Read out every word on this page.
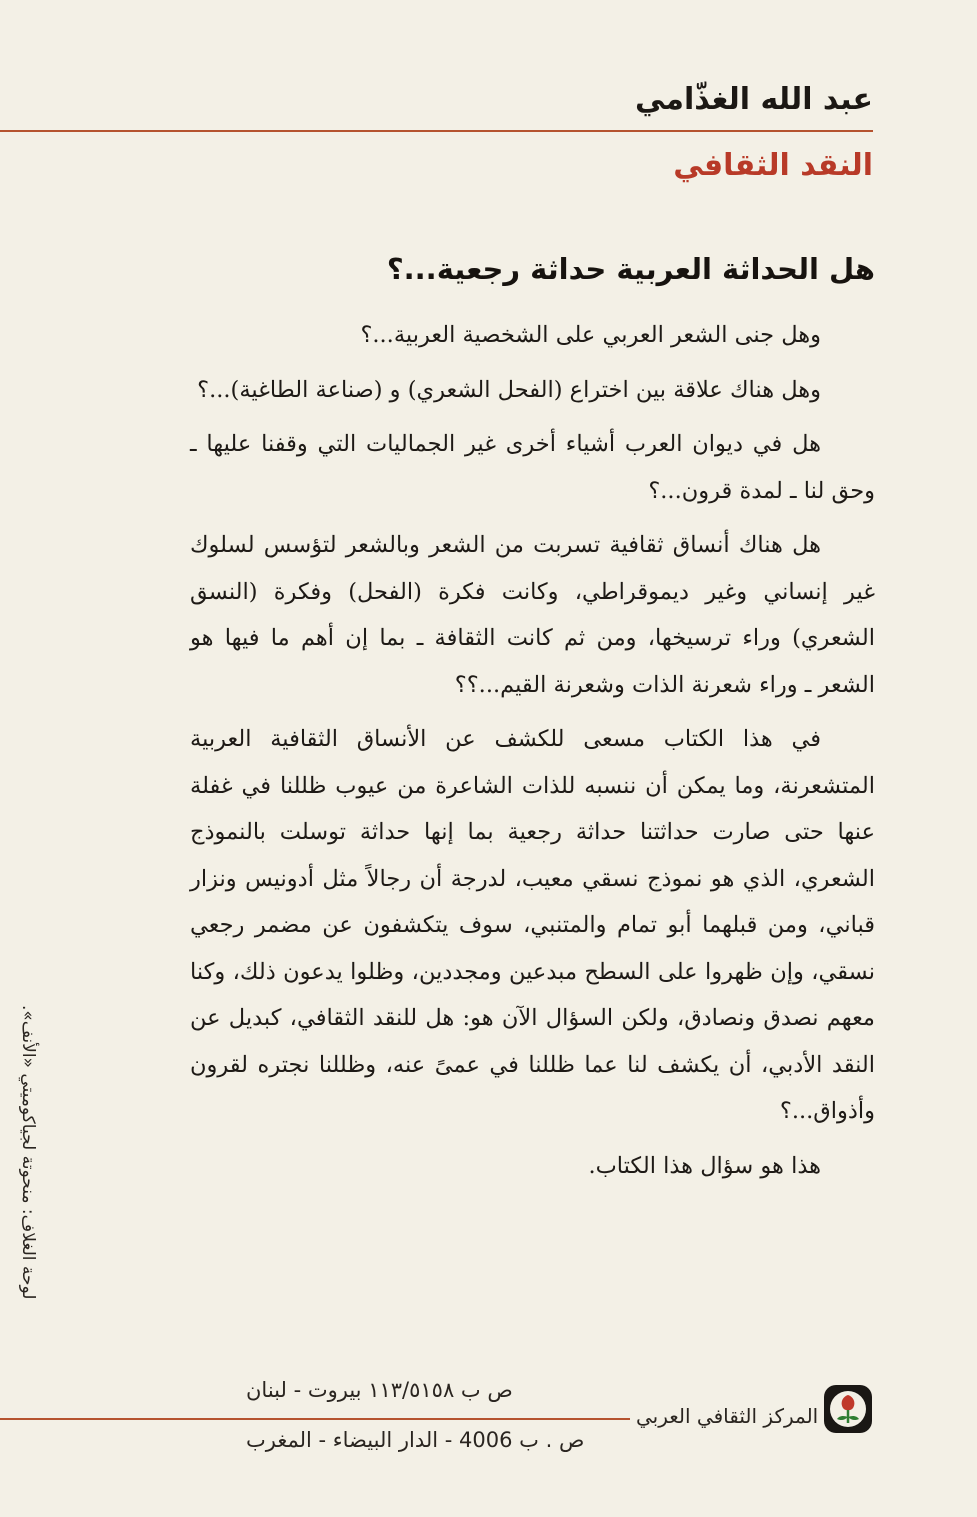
عبد الله الغذّامي
النقد الثقافي
هل الحداثة العربية حداثة رجعية...؟

وهل جنى الشعر العربي على الشخصية العربية...؟

وهل هناك علاقة بين اختراع (الفحل الشعري) و (صناعة الطاغية)...؟

هل في ديوان العرب أشياء أخرى غير الجماليات التي وقفنا عليها ـ وحق لنا ـ لمدة قرون...؟

هل هناك أنساق ثقافية تسربت من الشعر وبالشعر لتؤسس لسلوك غير إنساني وغير ديموقراطي، وكانت فكرة (الفحل) وفكرة (النسق الشعري) وراء ترسيخها، ومن ثم كانت الثقافة ـ بما إن أهم ما فيها هو الشعر ـ وراء شعرنة الذات وشعرنة القيم...؟؟

في هذا الكتاب مسعى للكشف عن الأنساق الثقافية العربية المتشعرنة، وما يمكن أن ننسبه للذات الشاعرة من عيوب ظللنا في غفلة عنها حتى صارت حداثتنا حداثة رجعية بما إنها حداثة توسلت بالنموذج الشعري، الذي هو نموذج نسقي معيب، لدرجة أن رجالاً مثل أدونيس ونزار قباني، ومن قبلهما أبو تمام والمتنبي، سوف يتكشفون عن مضمر رجعي نسقي، وإن ظهروا على السطح مبدعين ومجددين، وظلوا يدعون ذلك، وكنا معهم نصدق ونصادق، ولكن السؤال الآن هو: هل للنقد الثقافي، كبديل عن النقد الأدبي، أن يكشف لنا عما ظللنا في عمىً عنه، وظللنا نجتره لقرون وأذواق...؟

هذا هو سؤال هذا الكتاب.

لوحة الغلاف: منحوتة لجياكوميتي «الأنف».
ص ب ١١٣/٥١٥٨ بيروت - لبنان
ص . ب 4006 - الدار البيضاء - المغرب
المركز الثقافي العربي
